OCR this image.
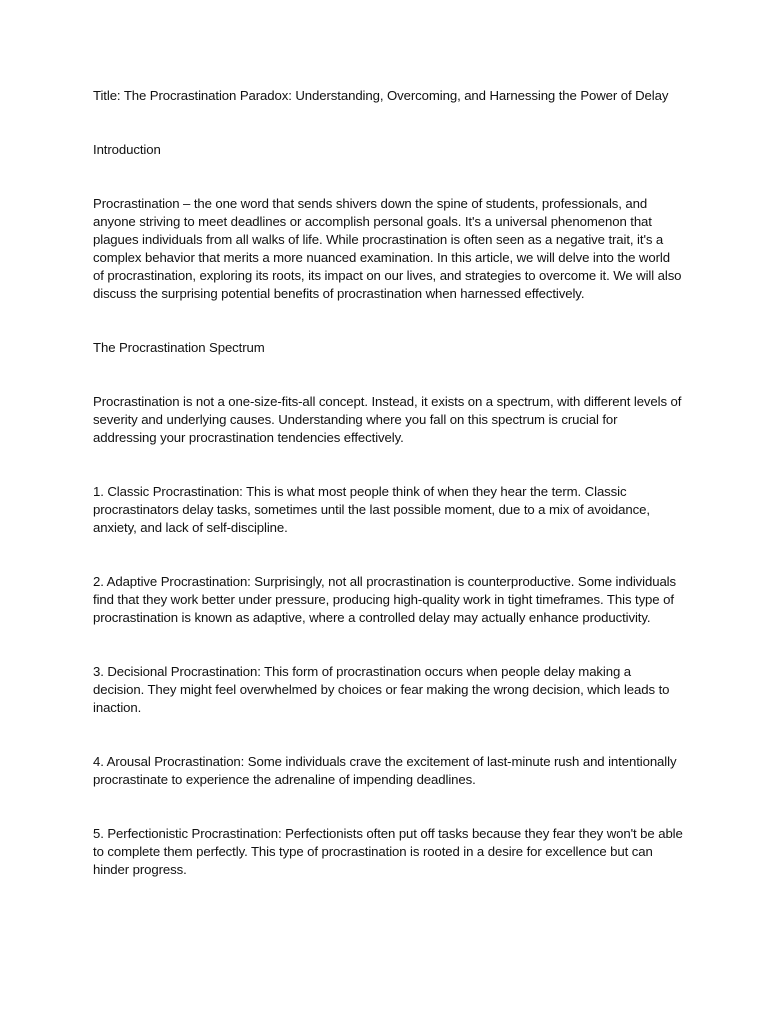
Title: The Procrastination Paradox: Understanding, Overcoming, and Harnessing the Power of Delay

Introduction

Procrastination – the one word that sends shivers down the spine of students, professionals, and anyone striving to meet deadlines or accomplish personal goals. It's a universal phenomenon that plagues individuals from all walks of life. While procrastination is often seen as a negative trait, it's a complex behavior that merits a more nuanced examination. In this article, we will delve into the world of procrastination, exploring its roots, its impact on our lives, and strategies to overcome it. We will also discuss the surprising potential benefits of procrastination when harnessed effectively.

The Procrastination Spectrum

Procrastination is not a one-size-fits-all concept. Instead, it exists on a spectrum, with different levels of severity and underlying causes. Understanding where you fall on this spectrum is crucial for addressing your procrastination tendencies effectively.

1. Classic Procrastination: This is what most people think of when they hear the term. Classic procrastinators delay tasks, sometimes until the last possible moment, due to a mix of avoidance, anxiety, and lack of self-discipline.

2. Adaptive Procrastination: Surprisingly, not all procrastination is counterproductive. Some individuals find that they work better under pressure, producing high-quality work in tight timeframes. This type of procrastination is known as adaptive, where a controlled delay may actually enhance productivity.

3. Decisional Procrastination: This form of procrastination occurs when people delay making a decision. They might feel overwhelmed by choices or fear making the wrong decision, which leads to inaction.

4. Arousal Procrastination: Some individuals crave the excitement of last-minute rush and intentionally procrastinate to experience the adrenaline of impending deadlines.

5. Perfectionistic Procrastination: Perfectionists often put off tasks because they fear they won't be able to complete them perfectly. This type of procrastination is rooted in a desire for excellence but can hinder progress.
